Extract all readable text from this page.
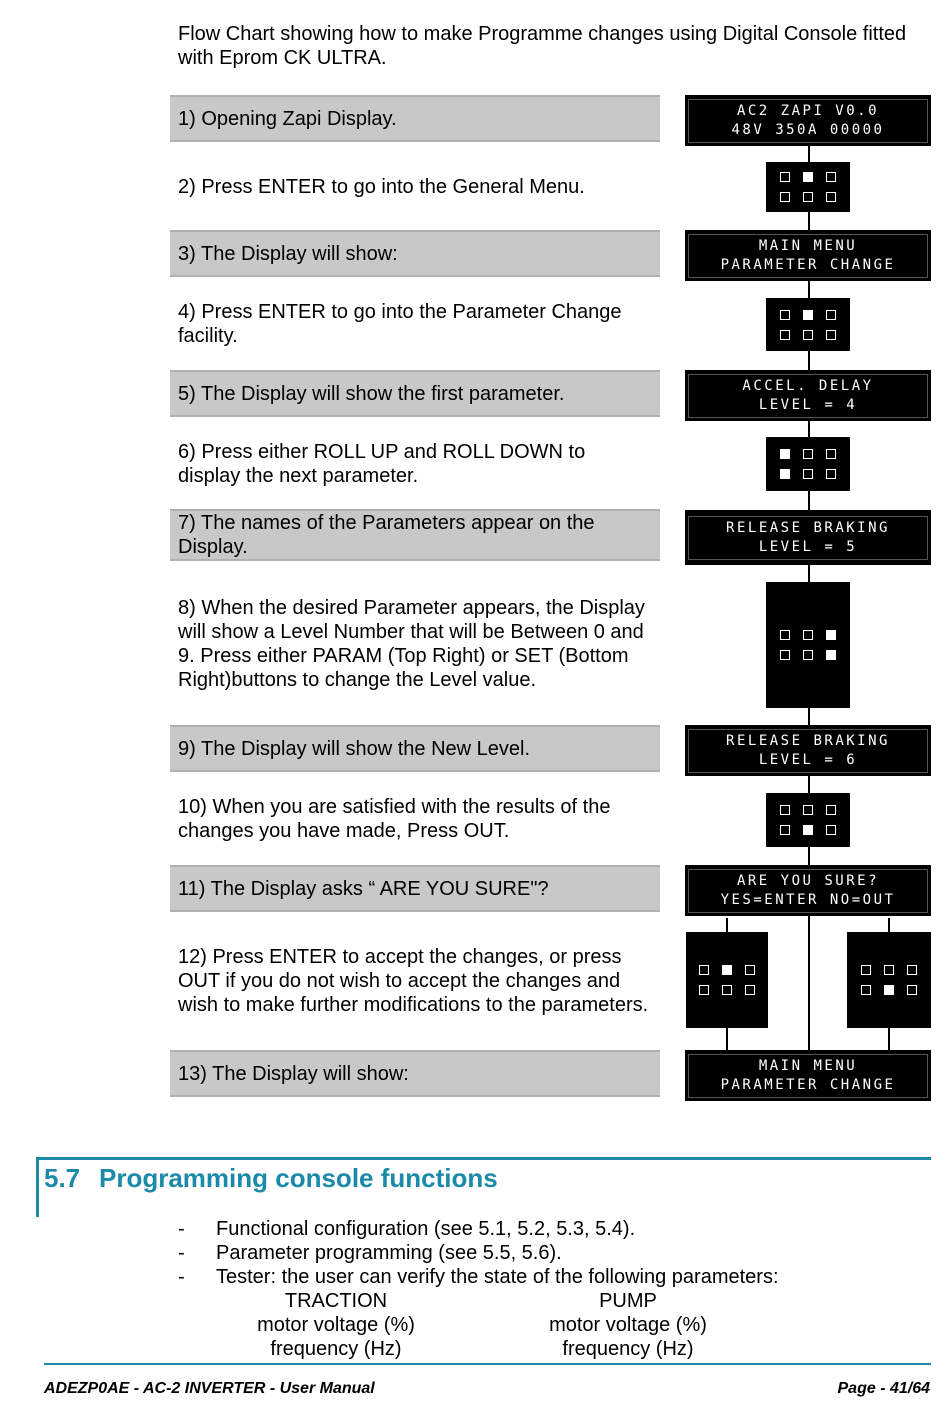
Flow Chart showing how to make Programme changes using Digital Console fitted with Eprom CK ULTRA.
1) Opening Zapi Display.
2) Press ENTER to go into the General Menu.
3) The Display will show:
4) Press ENTER to go into the Parameter Change facility.
5) The Display will show the first parameter.
6) Press either ROLL UP and ROLL DOWN to display the next parameter.
7) The names of the Parameters appear on the Display.
8) When the desired Parameter appears, the Display will show a Level Number that will be Between 0 and 9. Press either PARAM (Top Right) or SET (Bottom Right)buttons to change the Level value.
9) The Display will show the New Level.
10) When you are satisfied with the results of the changes you have made, Press OUT.
11) The Display asks “ ARE YOU SURE"?
12) Press ENTER to accept the changes, or press OUT if you do not wish to accept the changes and wish to make further modifications to the parameters.
13) The Display will show:
AC2 ZAPI V0.0
48V 350A 00000
MAIN MENU
PARAMETER CHANGE
ACCEL. DELAY
LEVEL = 4
RELEASE BRAKING
LEVEL = 5
RELEASE BRAKING
LEVEL = 6
ARE YOU SURE?
YES=ENTER NO=OUT
MAIN MENU
PARAMETER CHANGE
5.7 Programming console functions
- Functional configuration (see 5.1, 5.2, 5.3, 5.4).
- Parameter programming (see 5.5, 5.6).
- Tester: the user can verify the state of the following parameters:
TRACTION
motor voltage (%)
frequency (Hz)
PUMP
motor voltage (%)
frequency (Hz)
ADEZP0AE - AC-2 INVERTER - User Manual	Page - 41/64
